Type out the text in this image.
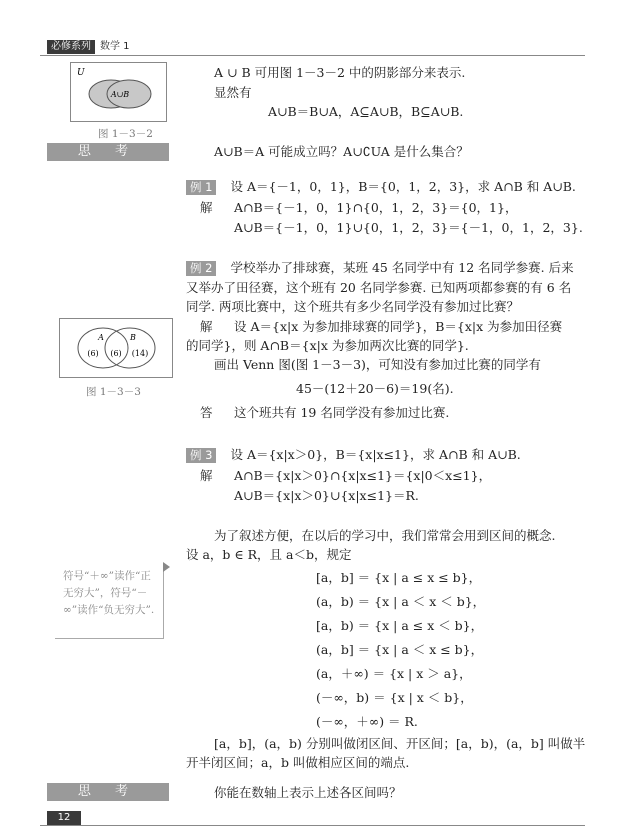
必修系列 数学 1
U
A∪B
图 1－3－2
A ∪ B 可用图 1－3－2 中的阴影部分来表示.
显然有
A∪B＝B∪A，A⊆A∪B，B⊆A∪B.
思 考	A∪B＝A 可能成立吗？A∪∁UA 是什么集合？
例 1 设 A＝{－1，0，1}，B＝{0，1，2，3}，求 A∩B 和 A∪B.
解 A∩B＝{－1，0，1}∩{0，1，2，3}＝{0，1}，
A∪B＝{－1，0，1}∪{0，1，2，3}＝{－1，0，1，2，3}.
例 2 学校举办了排球赛，某班 45 名同学中有 12 名同学参赛. 后来
又举办了田径赛，这个班有 20 名同学参赛. 已知两项都参赛的有 6 名
同学. 两项比赛中，这个班共有多少名同学没有参加过比赛？
解 设 A＝{x|x 为参加排球赛的同学}，B＝{x|x 为参加田径赛
的同学}，则 A∩B＝{x|x 为参加两次比赛的同学}.
画出 Venn 图(图 1－3－3)，可知没有参加过比赛的同学有
45－(12＋20－6)＝19(名).
答 这个班共有 19 名同学没有参加过比赛.
A	B
(6) (6) (14)
图 1－3－3
例 3 设 A＝{x|x＞0}，B＝{x|x≤1}，求 A∩B 和 A∪B.
解 A∩B＝{x|x＞0}∩{x|x≤1}＝{x|0＜x≤1}，
A∪B＝{x|x＞0}∪{x|x≤1}＝R.
为了叙述方便，在以后的学习中，我们常常会用到区间的概念.
设 a，b ∈ R，且 a＜b，规定
[a，b] ＝ {x | a ≤ x ≤ b}，
(a，b) ＝ {x | a ＜ x ＜ b}，
[a，b) ＝ {x | a ≤ x ＜ b}，
(a，b] ＝ {x | a ＜ x ≤ b}，
(a，＋∞) ＝ {x | x ＞ a}，
(－∞，b) ＝ {x | x ＜ b}，
(－∞，＋∞) ＝ R.
[a，b]，(a，b) 分别叫做闭区间、开区间；[a，b)，(a，b] 叫做半
开半闭区间；a，b 叫做相应区间的端点.
符号“＋∞”读作“正无穷大”，符号“－∞”读作“负无穷大”.
思 考	你能在数轴上表示上述各区间吗？
12
